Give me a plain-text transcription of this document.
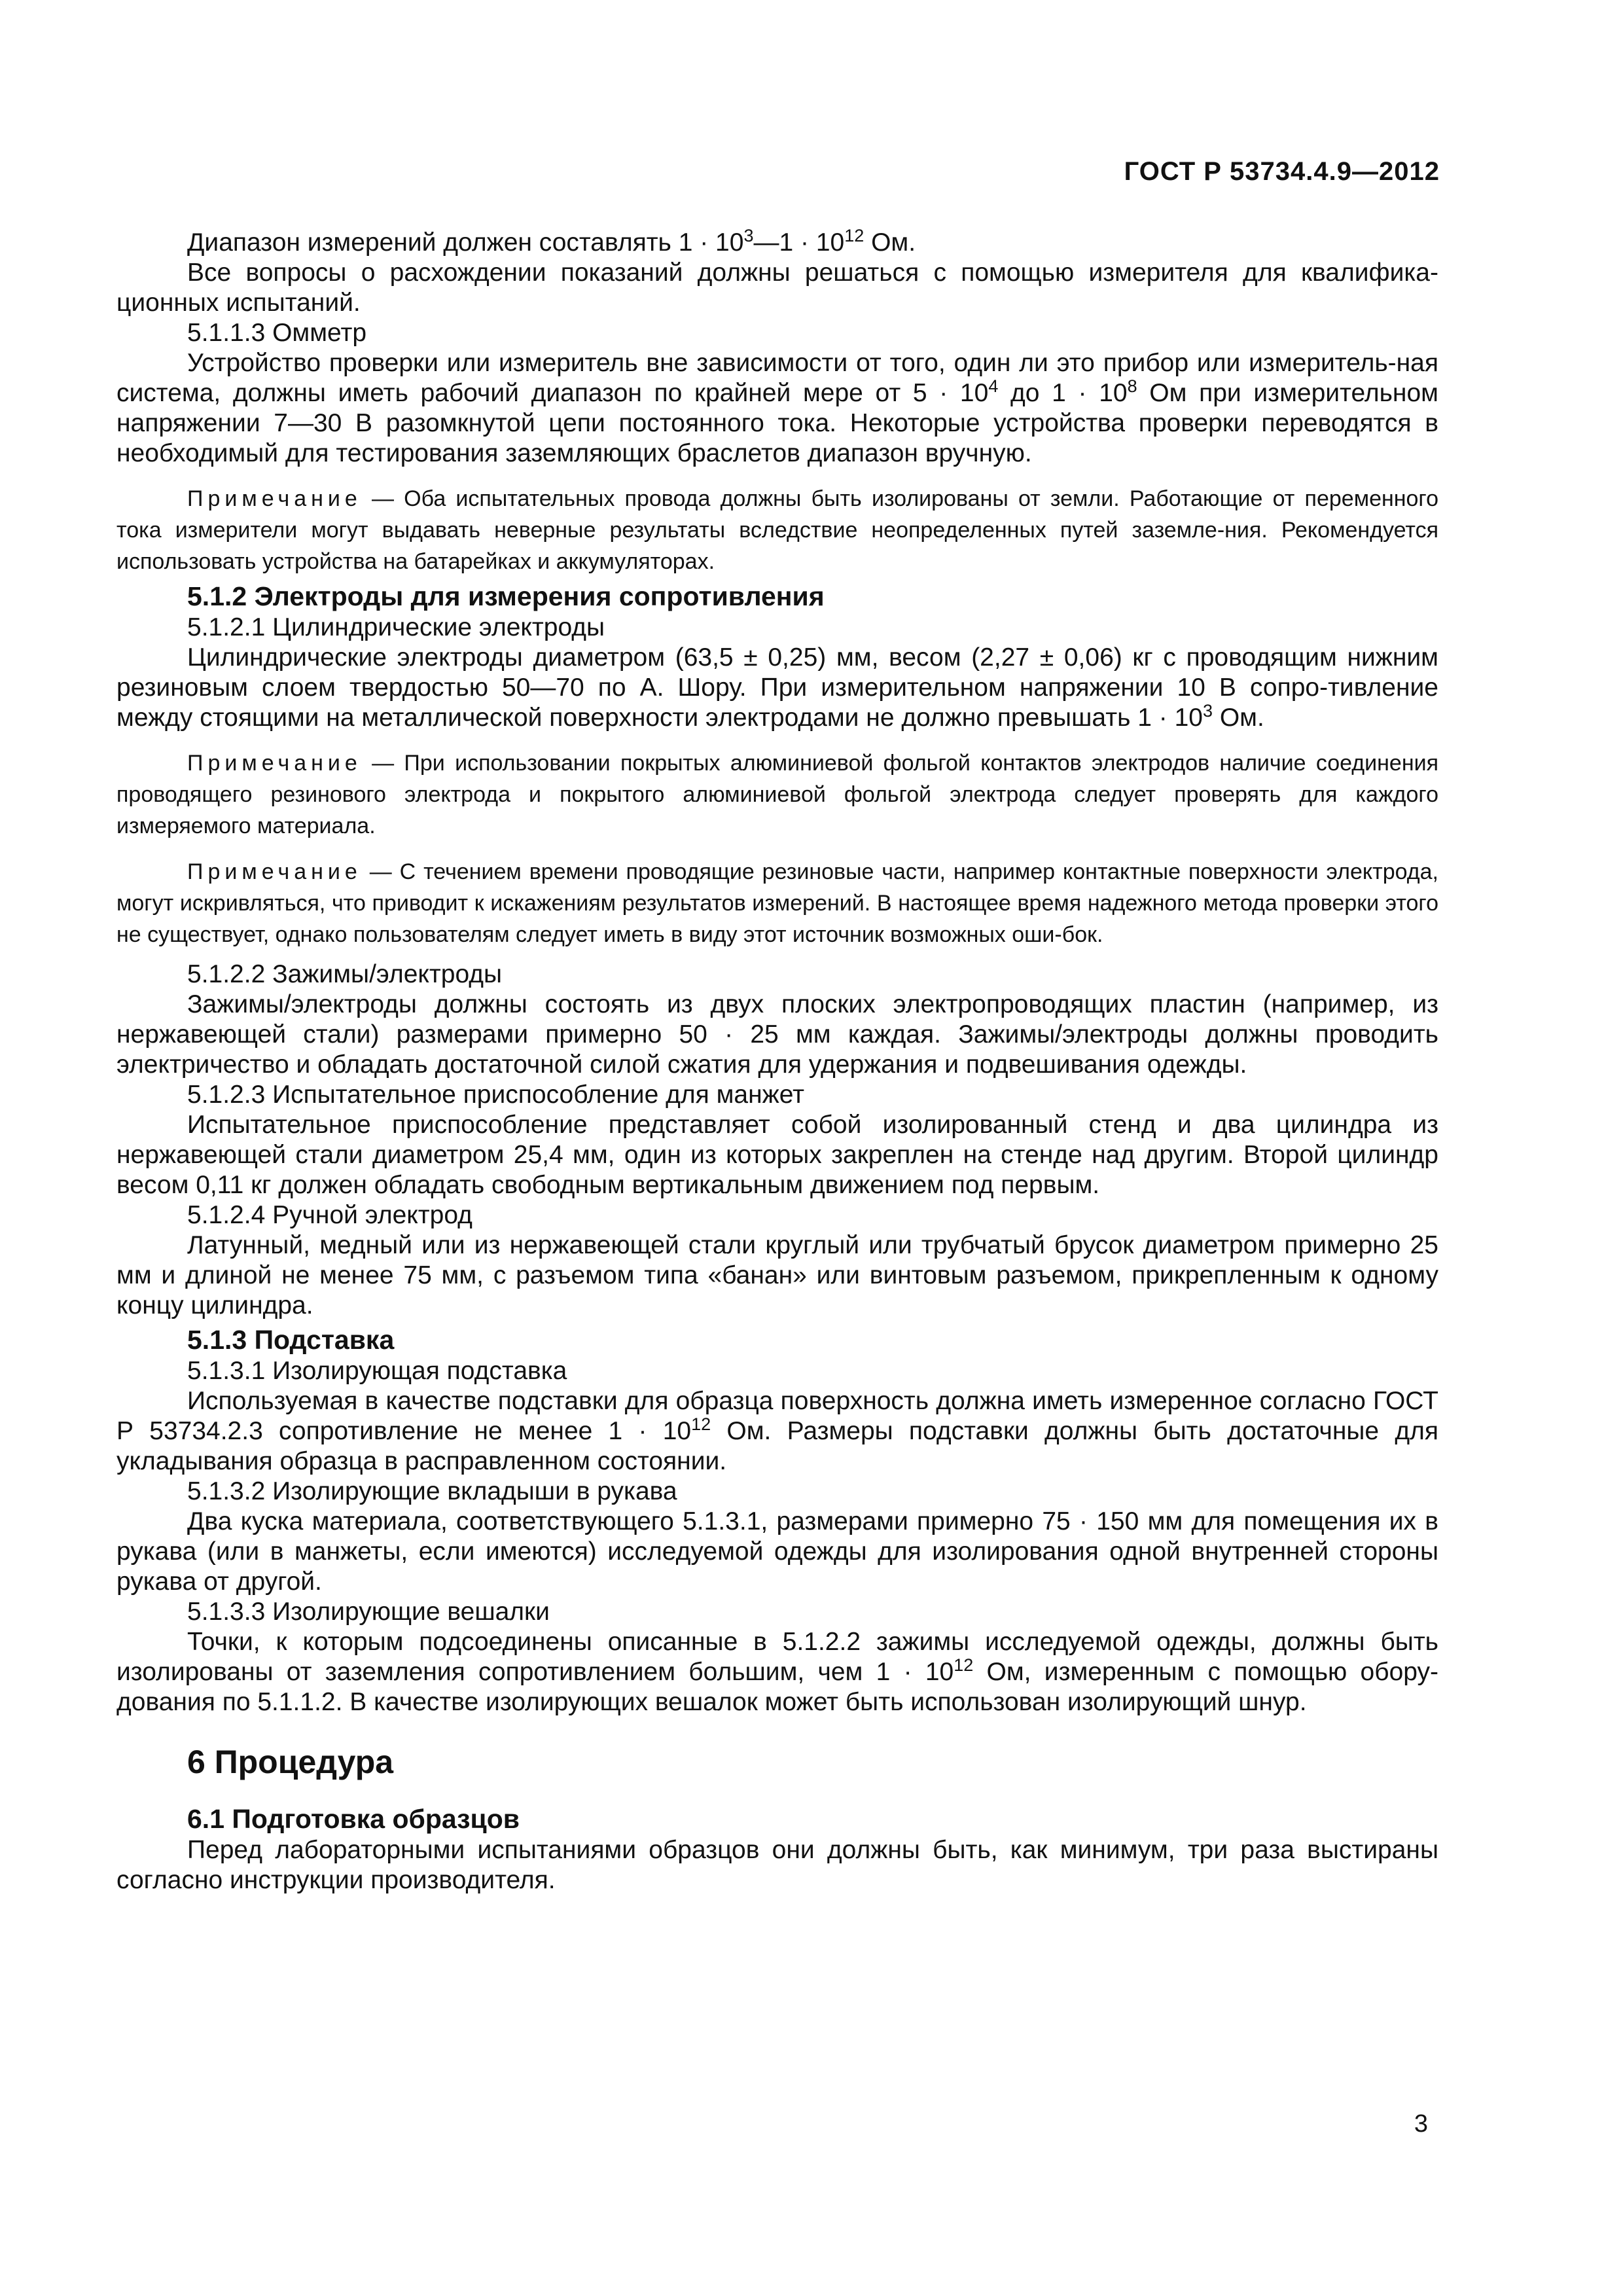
ГОСТ Р 53734.4.9—2012

Диапазон измерений должен составлять $1 \cdot 10^3—1 \cdot 10^{12}$ Ом.

Все вопросы о расхождении показаний должны решаться с помощью измерителя для квалифика-ционных испытаний.

5.1.1.3 Омметр

Устройство проверки или измеритель вне зависимости от того, один ли это прибор или измеритель-ная система, должны иметь рабочий диапазон по крайней мере от $5 \cdot 10^4$ до $1 \cdot 10^8$ Ом при измерительном напряжении 7—30 В разомкнутой цепи постоянного тока. Некоторые устройства проверки переводятся в необходимый для тестирования заземляющих браслетов диапазон вручную.

Примечание — Оба испытательных провода должны быть изолированы от земли. Работающие от переменного тока измерители могут выдавать неверные результаты вследствие неопределенных путей заземле-ния. Рекомендуется использовать устройства на батарейках и аккумуляторах.

5.1.2 Электроды для измерения сопротивления

5.1.2.1 Цилиндрические электроды

Цилиндрические электроды диаметром (63,5 ± 0,25) мм, весом (2,27 ± 0,06) кг с проводящим нижним резиновым слоем твердостью 50—70 по А. Шору. При измерительном напряжении 10 В сопро-тивление между стоящими на металлической поверхности электродами не должно превышать $1 \cdot 10^3$ Ом.

Примечание — При использовании покрытых алюминиевой фольгой контактов электродов наличие соединения проводящего резинового электрода и покрытого алюминиевой фольгой электрода следует проверять для каждого измеряемого материала.

Примечание — С течением времени проводящие резиновые части, например контактные поверхности электрода, могут искривляться, что приводит к искажениям результатов измерений. В настоящее время надежного метода проверки этого не существует, однако пользователям следует иметь в виду этот источник возможных оши-бок.

5.1.2.2 Зажимы/электроды

Зажимы/электроды должны состоять из двух плоских электропроводящих пластин (например, из нержавеющей стали) размерами примерно 50 · 25 мм каждая. Зажимы/электроды должны проводить электричество и обладать достаточной силой сжатия для удержания и подвешивания одежды.

5.1.2.3 Испытательное приспособление для манжет

Испытательное приспособление представляет собой изолированный стенд и два цилиндра из нержавеющей стали диаметром 25,4 мм, один из которых закреплен на стенде над другим. Второй цилиндр весом 0,11 кг должен обладать свободным вертикальным движением под первым.

5.1.2.4 Ручной электрод

Латунный, медный или из нержавеющей стали круглый или трубчатый брусок диаметром примерно 25 мм и длиной не менее 75 мм, с разъемом типа «банан» или винтовым разъемом, прикрепленным к одному концу цилиндра.

5.1.3 Подставка

5.1.3.1 Изолирующая подставка

Используемая в качестве подставки для образца поверхность должна иметь измеренное согласно ГОСТ Р 53734.2.3 сопротивление не менее $1 \cdot 10^{12}$ Ом. Размеры подставки должны быть достаточные для укладывания образца в расправленном состоянии.

5.1.3.2 Изолирующие вкладыши в рукава

Два куска материала, соответствующего 5.1.3.1, размерами примерно 75 · 150 мм для помещения их в рукава (или в манжеты, если имеются) исследуемой одежды для изолирования одной внутренней стороны рукава от другой.

5.1.3.3 Изолирующие вешалки

Точки, к которым подсоединены описанные в 5.1.2.2 зажимы исследуемой одежды, должны быть изолированы от заземления сопротивлением большим, чем $1 \cdot 10^{12}$ Ом, измеренным с помощью обору-дования по 5.1.1.2. В качестве изолирующих вешалок может быть использован изолирующий шнур.

6 Процедура

6.1 Подготовка образцов

Перед лабораторными испытаниями образцов они должны быть, как минимум, три раза выстираны согласно инструкции производителя.

3
